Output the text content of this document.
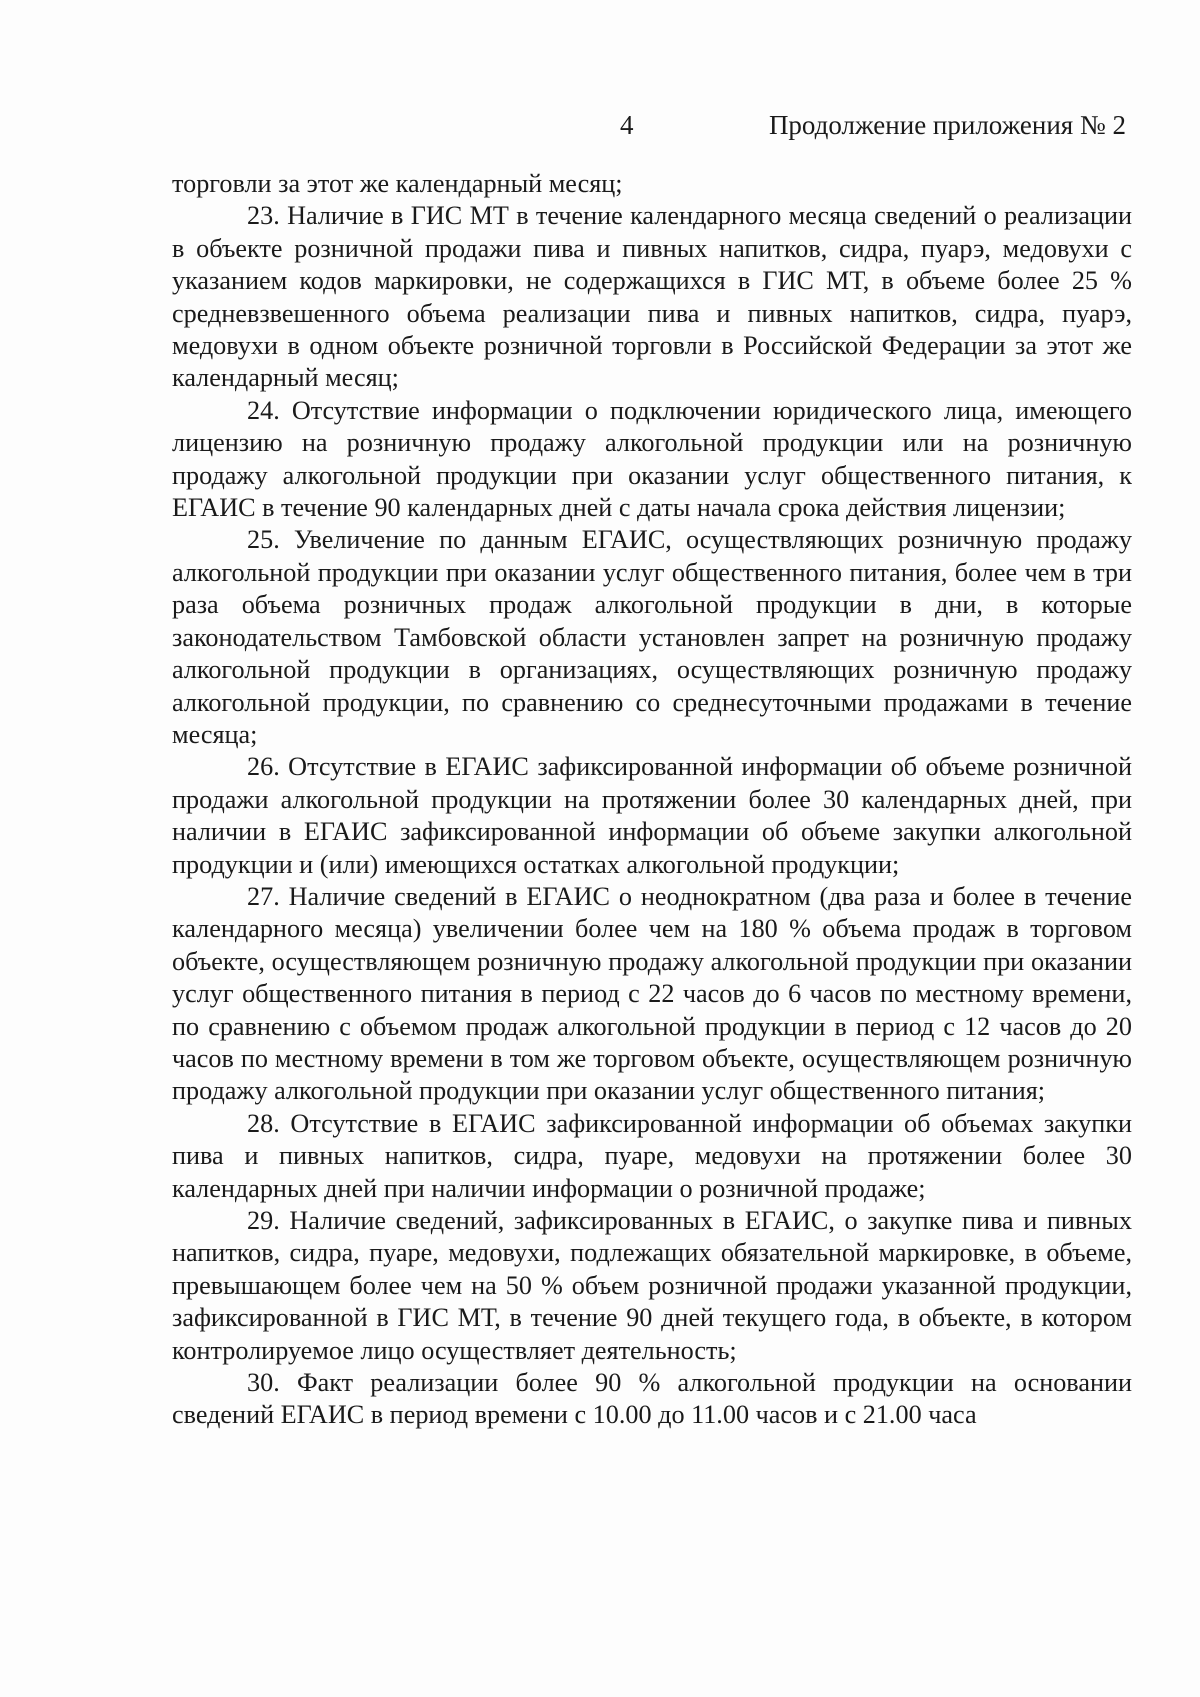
4	Продолжение приложения № 2

торговли за этот же календарный месяц;

23. Наличие в ГИС МТ в течение календарного месяца сведений о реализации в объекте розничной продажи пива и пивных напитков, сидра, пуарэ, медовухи с указанием кодов маркировки, не содержащихся в ГИС МТ, в объеме более 25 % средневзвешенного объема реализации пива и пивных напитков, сидра, пуарэ, медовухи в одном объекте розничной торговли в Российской Федерации за этот же календарный месяц;

24. Отсутствие информации о подключении юридического лица, имеющего лицензию на розничную продажу алкогольной продукции или на розничную продажу алкогольной продукции при оказании услуг общественного питания, к ЕГАИС в течение 90 календарных дней с даты начала срока действия лицензии;

25. Увеличение по данным ЕГАИС, осуществляющих розничную продажу алкогольной продукции при оказании услуг общественного питания, более чем в три раза объема розничных продаж алкогольной продукции в дни, в которые законодательством Тамбовской области установлен запрет на розничную продажу алкогольной продукции в организациях, осуществляющих розничную продажу алкогольной продукции, по сравнению со среднесуточными продажами в течение месяца;

26. Отсутствие в ЕГАИС зафиксированной информации об объеме розничной продажи алкогольной продукции на протяжении более 30 календарных дней, при наличии в ЕГАИС зафиксированной информации об объеме закупки алкогольной продукции и (или) имеющихся остатках алкогольной продукции;

27. Наличие сведений в ЕГАИС о неоднократном (два раза и более в течение календарного месяца) увеличении более чем на 180 % объема продаж в торговом объекте, осуществляющем розничную продажу алкогольной продукции при оказании услуг общественного питания в период с 22 часов до 6 часов по местному времени, по сравнению с объемом продаж алкогольной продукции в период с 12 часов до 20 часов по местному времени в том же торговом объекте, осуществляющем розничную продажу алкогольной продукции при оказании услуг общественного питания;

28. Отсутствие в ЕГАИС зафиксированной информации об объемах закупки пива и пивных напитков, сидра, пуаре, медовухи на протяжении более 30 календарных дней при наличии информации о розничной продаже;

29. Наличие сведений, зафиксированных в ЕГАИС, о закупке пива и пивных напитков, сидра, пуаре, медовухи, подлежащих обязательной маркировке, в объеме, превышающем более чем на 50 % объем розничной продажи указанной продукции, зафиксированной в ГИС МТ, в течение 90 дней текущего года, в объекте, в котором контролируемое лицо осуществляет деятельность;

30. Факт реализации более 90 % алкогольной продукции на основании сведений ЕГАИС в период времени с 10.00 до 11.00 часов и с 21.00 часа
